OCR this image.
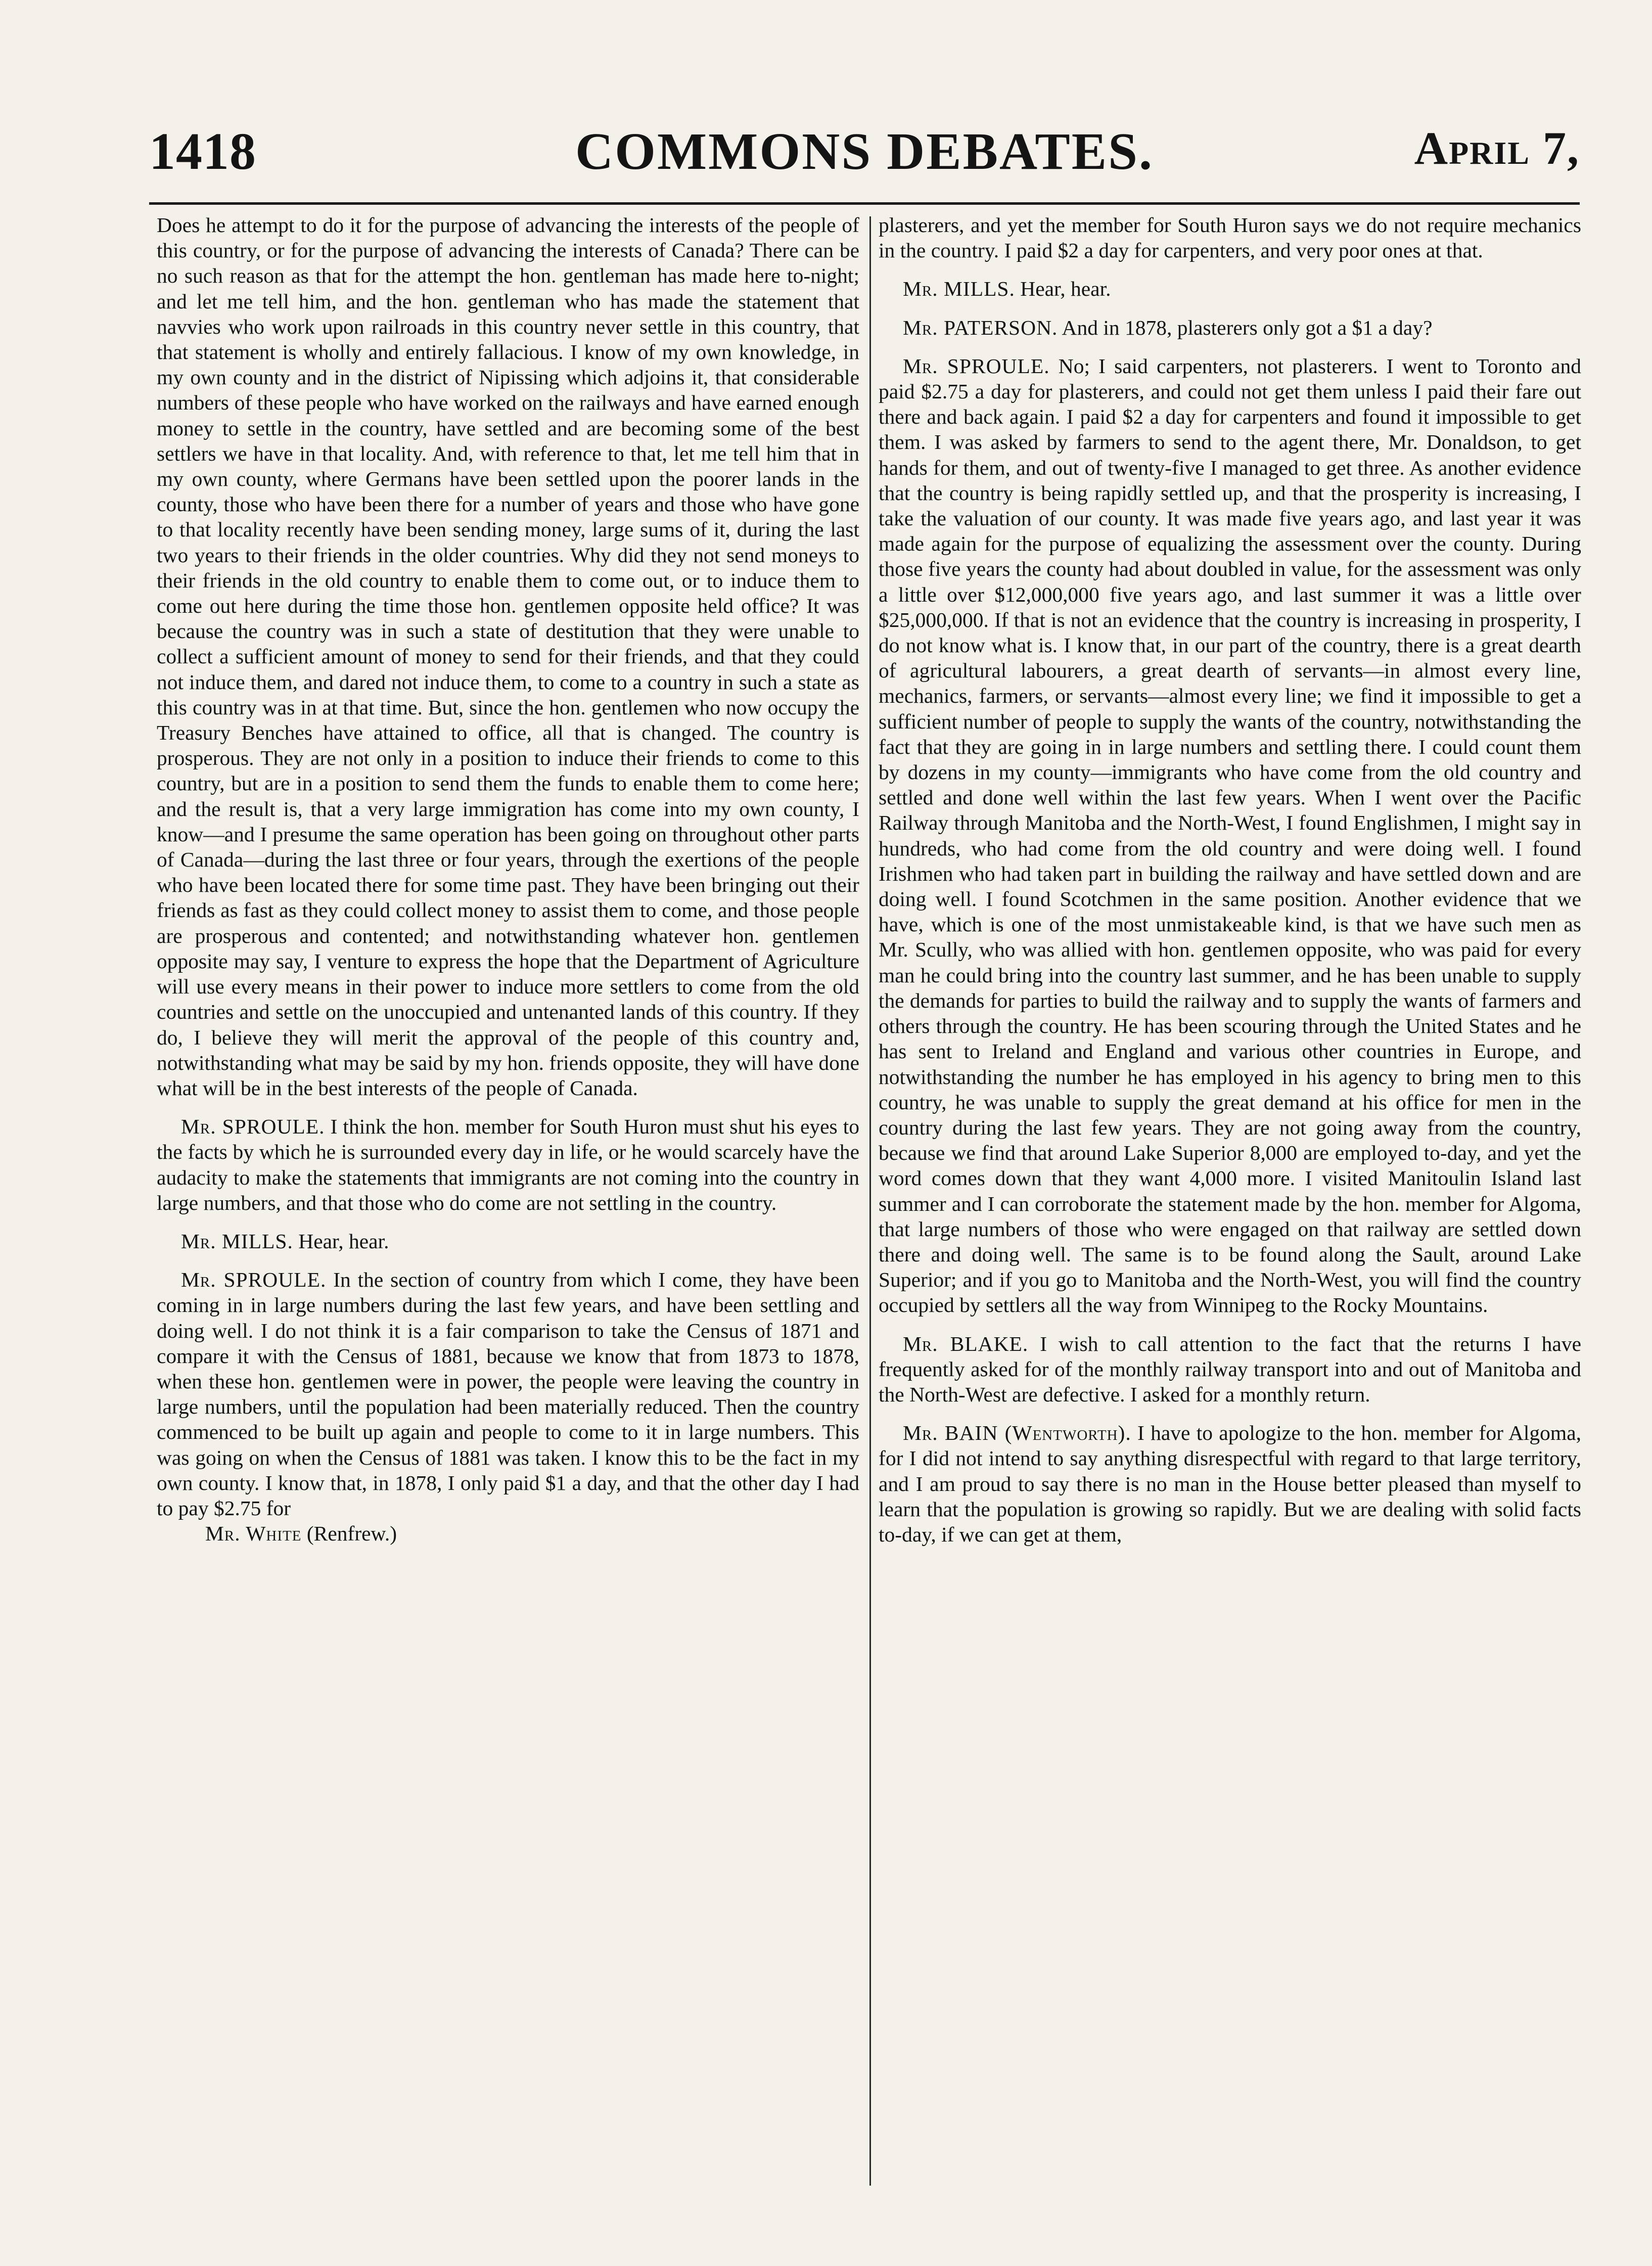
1418	COMMONS DEBATES.	April 7,

Does he attempt to do it for the purpose of advancing the interests of the people of this country, or for the purpose of advancing the interests of Canada? There can be no such reason as that for the attempt the hon. gentleman has made here to-night; and let me tell him, and the hon. gentleman who has made the statement that navvies who work upon railroads in this country never settle in this country, that that statement is wholly and entirely fallacious. I know of my own knowledge, in my own county and in the district of Nipissing which adjoins it, that considerable numbers of these people who have worked on the railways and have earned enough money to settle in the country, have settled and are becoming some of the best settlers we have in that locality. And, with reference to that, let me tell him that in my own county, where Germans have been settled upon the poorer lands in the county, those who have been there for a number of years and those who have gone to that locality recently have been sending money, large sums of it, during the last two years to their friends in the older countries. Why did they not send moneys to their friends in the old country to enable them to come out, or to induce them to come out here during the time those hon. gentlemen opposite held office? It was because the country was in such a state of destitution that they were unable to collect a sufficient amount of money to send for their friends, and that they could not induce them, and dared not induce them, to come to a country in such a state as this country was in at that time. But, since the hon. gentlemen who now occupy the Treasury Benches have attained to office, all that is changed. The country is prosperous. They are not only in a position to induce their friends to come to this country, but are in a position to send them the funds to enable them to come here; and the result is, that a very large immigration has come into my own county, I know—and I presume the same operation has been going on throughout other parts of Canada—during the last three or four years, through the exertions of the people who have been located there for some time past. They have been bringing out their friends as fast as they could collect money to assist them to come, and those people are prosperous and contented; and notwithstanding whatever hon. gentlemen opposite may say, I venture to express the hope that the Department of Agriculture will use every means in their power to induce more settlers to come from the old countries and settle on the unoccupied and untenanted lands of this country. If they do, I believe they will merit the approval of the people of this country and, notwithstanding what may be said by my hon. friends opposite, they will have done what will be in the best interests of the people of Canada.

Mr. SPROULE. I think the hon. member for South Huron must shut his eyes to the facts by which he is surrounded every day in life, or he would scarcely have the audacity to make the statements that immigrants are not coming into the country in large numbers, and that those who do come are not settling in the country.

Mr. MILLS. Hear, hear.

Mr. SPROULE. In the section of country from which I come, they have been coming in in large numbers during the last few years, and have been settling and doing well. I do not think it is a fair comparison to take the Census of 1871 and compare it with the Census of 1881, because we know that from 1873 to 1878, when these hon. gentlemen were in power, the people were leaving the country in large numbers, until the population had been materially reduced. Then the country commenced to be built up again and people to come to it in large numbers. This was going on when the Census of 1881 was taken. I know this to be the fact in my own county. I know that, in 1878, I only paid $1 a day, and that the other day I had to pay $2.75 for

Mr. White (Renfrew.)

plasterers, and yet the member for South Huron says we do not require mechanics in the country. I paid $2 a day for carpenters, and very poor ones at that.

Mr. MILLS. Hear, hear.

Mr. PATERSON. And in 1878, plasterers only got a $1 a day?

Mr. SPROULE. No; I said carpenters, not plasterers. I went to Toronto and paid $2.75 a day for plasterers, and could not get them unless I paid their fare out there and back again. I paid $2 a day for carpenters and found it impossible to get them. I was asked by farmers to send to the agent there, Mr. Donaldson, to get hands for them, and out of twenty-five I managed to get three. As another evidence that the country is being rapidly settled up, and that the prosperity is increasing, I take the valuation of our county. It was made five years ago, and last year it was made again for the purpose of equalizing the assessment over the county. During those five years the county had about doubled in value, for the assessment was only a little over $12,000,000 five years ago, and last summer it was a little over $25,000,000. If that is not an evidence that the country is increasing in prosperity, I do not know what is. I know that, in our part of the country, there is a great dearth of agricultural labourers, a great dearth of servants—in almost every line, mechanics, farmers, or servants—almost every line; we find it impossible to get a sufficient number of people to supply the wants of the country, notwithstanding the fact that they are going in in large numbers and settling there. I could count them by dozens in my county—immigrants who have come from the old country and settled and done well within the last few years. When I went over the Pacific Railway through Manitoba and the North-West, I found Englishmen, I might say in hundreds, who had come from the old country and were doing well. I found Irishmen who had taken part in building the railway and have settled down and are doing well. I found Scotchmen in the same position. Another evidence that we have, which is one of the most unmistakeable kind, is that we have such men as Mr. Scully, who was allied with hon. gentlemen opposite, who was paid for every man he could bring into the country last summer, and he has been unable to supply the demands for parties to build the railway and to supply the wants of farmers and others through the country. He has been scouring through the United States and he has sent to Ireland and England and various other countries in Europe, and notwithstanding the number he has employed in his agency to bring men to this country, he was unable to supply the great demand at his office for men in the country during the last few years. They are not going away from the country, because we find that around Lake Superior 8,000 are employed to-day, and yet the word comes down that they want 4,000 more. I visited Manitoulin Island last summer and I can corroborate the statement made by the hon. member for Algoma, that large numbers of those who were engaged on that railway are settled down there and doing well. The same is to be found along the Sault, around Lake Superior; and if you go to Manitoba and the North-West, you will find the country occupied by settlers all the way from Winnipeg to the Rocky Mountains.

Mr. BLAKE. I wish to call attention to the fact that the returns I have frequently asked for of the monthly railway transport into and out of Manitoba and the North-West are defective. I asked for a monthly return.

Mr. BAIN (Wentworth). I have to apologize to the hon. member for Algoma, for I did not intend to say anything disrespectful with regard to that large territory, and I am proud to say there is no man in the House better pleased than myself to learn that the population is growing so rapidly. But we are dealing with solid facts to-day, if we can get at them,
